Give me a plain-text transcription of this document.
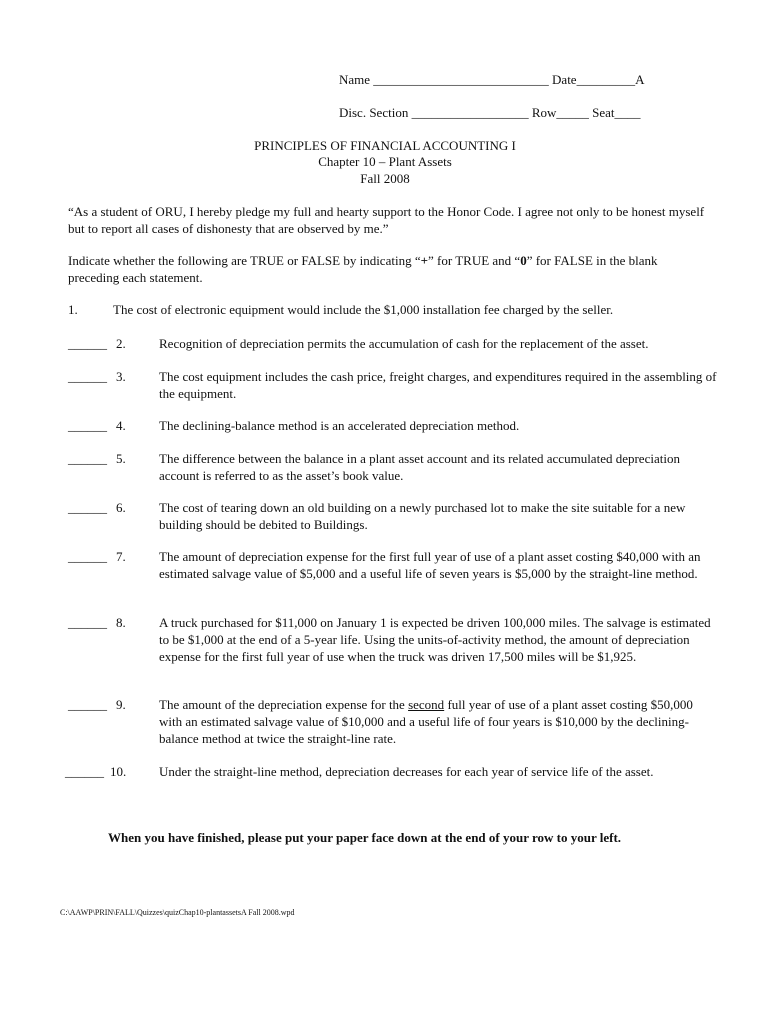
Name ___________________________ Date_________A
Disc. Section __________________ Row_____ Seat____
PRINCIPLES OF FINANCIAL ACCOUNTING I
Chapter 10 – Plant Assets
Fall 2008
“As a student of ORU, I hereby pledge my full and hearty support to the Honor Code. I agree not only to be honest myself but to report all cases of dishonesty that are observed by me.”
Indicate whether the following are TRUE or FALSE by indicating “+” for TRUE and “0” for FALSE in the blank preceding each statement.
1.	The cost of electronic equipment would include the $1,000 installation fee charged by the seller.
______ 2.	Recognition of depreciation permits the accumulation of cash for the replacement of the asset.
______ 3.	The cost equipment includes the cash price, freight charges, and expenditures required in the assembling of the equipment.
______ 4.	The declining-balance method is an accelerated depreciation method.
______ 5.	The difference between the balance in a plant asset account and its related accumulated depreciation account is referred to as the asset’s book value.
______ 6.	The cost of tearing down an old building on a newly purchased lot to make the site suitable for a new building should be debited to Buildings.
______ 7.	The amount of depreciation expense for the first full year of use of a plant asset costing $40,000 with an estimated salvage value of $5,000 and a useful life of seven years is $5,000 by the straight-line method.
______ 8.	A truck purchased for $11,000 on January 1 is expected be driven 100,000 miles. The salvage is estimated to be $1,000 at the end of a 5-year life. Using the units-of-activity method, the amount of depreciation expense for the first full year of use when the truck was driven 17,500 miles will be $1,925.
______ 9.	The amount of the depreciation expense for the second full year of use of a plant asset costing $50,000 with an estimated salvage value of $10,000 and a useful life of four years is $10,000 by the declining-balance method at twice the straight-line rate.
______ 10.	Under the straight-line method, depreciation decreases for each year of service life of the asset.
When you have finished, please put your paper face down at the end of your row to your left.
C:\AAWP\PRIN\FALL\Quizzes\quizChap10-plantassetsA Fall 2008.wpd
